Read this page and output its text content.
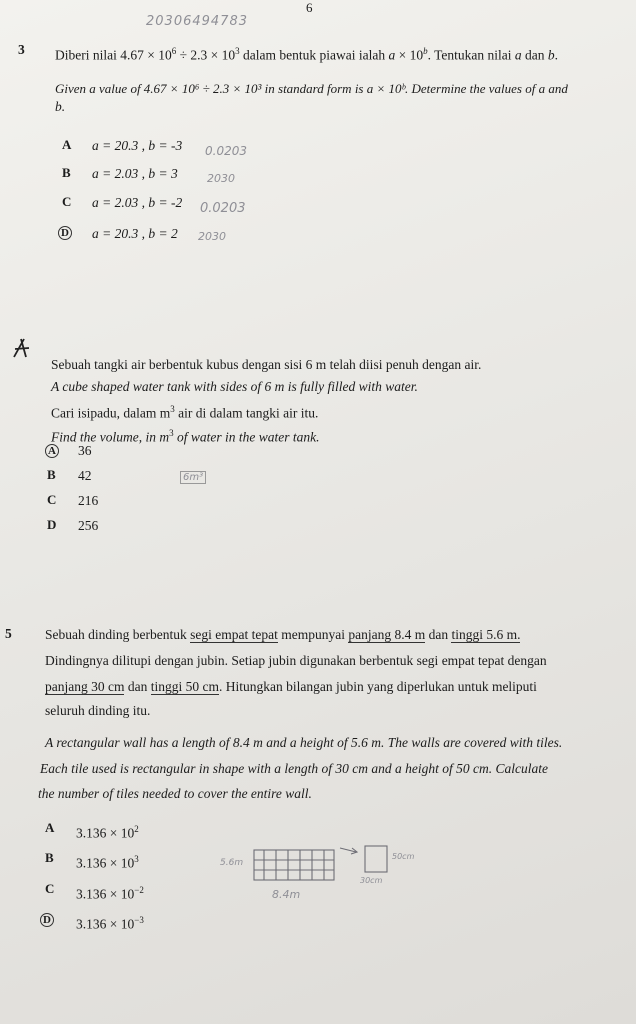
6
20306494783
3 Diberi nilai $4.67 \times 10^6 \div 2.3 \times 10^3$ dalam bentuk piawai ialah $a \times 10^b$. Tentukan nilai a dan b.
Given a value of 4.67 × 10⁶ ÷ 2.3 × 10³ in standard form is a × 10ᵇ. Determine the values of a and
b.
A a = 20.3 , b = -3 0.0203
B a = 2.03 , b = 3	2030
C a = 2.03 , b = -2 0.0203
D a = 20.3 , b = 2 2030
Sebuah tangki air berbentuk kubus dengan sisi 6 m telah diisi penuh dengan air.
A cube shaped water tank with sides of 6 m is fully filled with water.
Cari isipadu, dalam $m^3$ air di dalam tangki air itu.
Find the volume, in $m^3$ of water in the water tank.
A 36
B 42	6m³
C 216
D 256
5 Sebuah dinding berbentuk segi empat tepat mempunyai panjang 8.4 m dan tinggi 5.6 m.
Dindingnya dilitupi dengan jubin. Setiap jubin digunakan berbentuk segi empat tepat dengan
panjang 30 cm dan tinggi 50 cm. Hitungkan bilangan jubin yang diperlukan untuk meliputi
seluruh dinding itu.
A rectangular wall has a length of 8.4 m and a height of 5.6 m. The walls are covered with tiles.
Each tile used is rectangular in shape with a length of 30 cm and a height of 50 cm. Calculate
the number of tiles needed to cover the entire wall.
A $3.136 \times 10^2$
B $3.136 \times 10^3$
C $3.136 \times 10^{-2}$
D $3.136 \times 10^{-3}$
5.6m
8.4m
50cm
30cm
